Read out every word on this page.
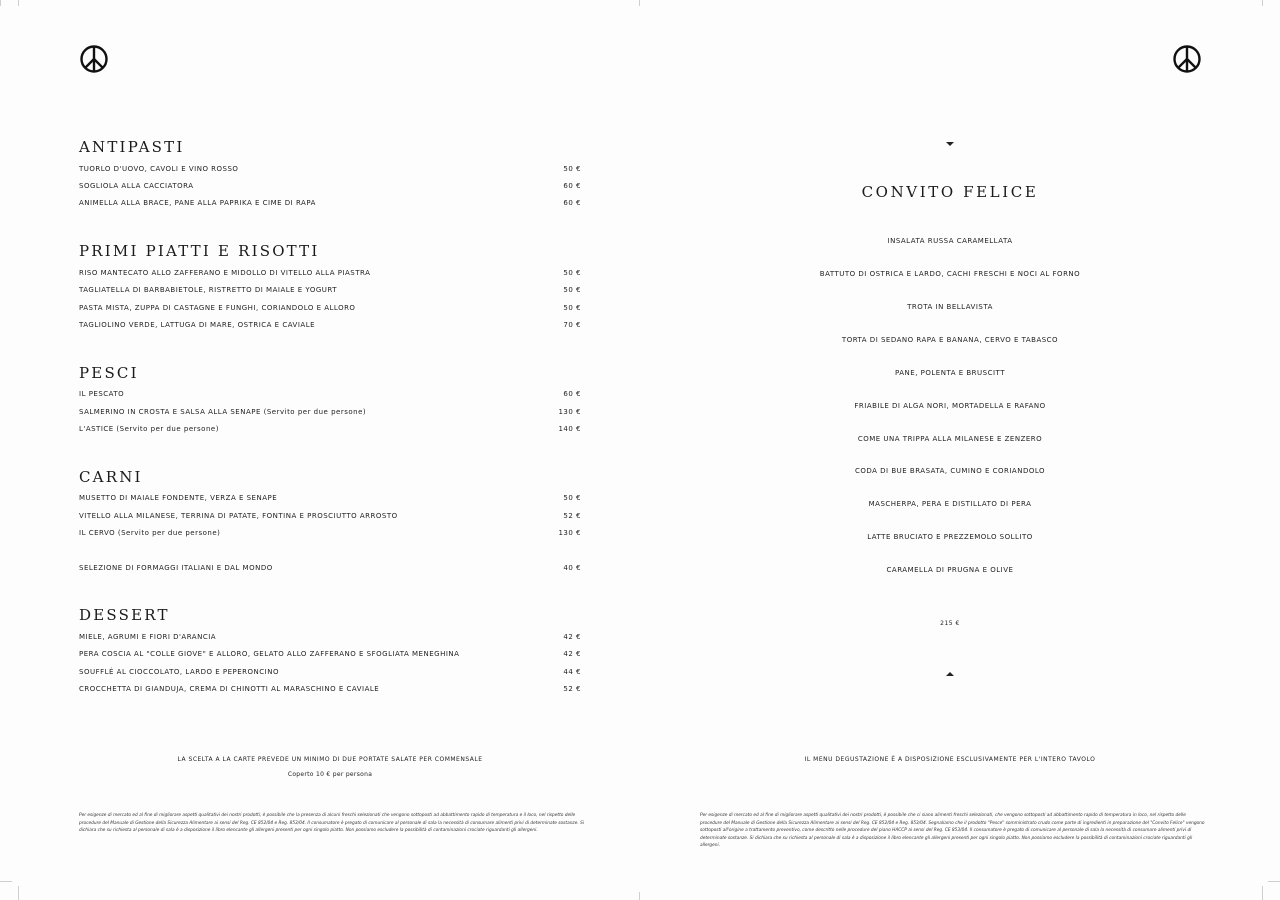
ANTIPASTI
TUORLO D'UOVO, CAVOLI E VINO ROSSO	50 €
SOGLIOLA ALLA CACCIATORA	60 €
ANIMELLA ALLA BRACE, PANE ALLA PAPRIKA E CIME DI RAPA	60 €
PRIMI PIATTI E RISOTTI
RISO MANTECATO ALLO ZAFFERANO E MIDOLLO DI VITELLO ALLA PIASTRA	50 €
TAGLIATELLA DI BARBABIETOLE, RISTRETTO DI MAIALE E YOGURT	50 €
PASTA MISTA, ZUPPA DI CASTAGNE E FUNGHI, CORIANDOLO E ALLORO	50 €
TAGLIOLINO VERDE, LATTUGA DI MARE, OSTRICA E CAVIALE	70 €
PESCI
IL PESCATO	60 €
SALMERINO IN CROSTA E SALSA ALLA SENAPE (Servito per due persone)	130 €
L'ASTICE (Servito per due persone)	140 €
CARNI
MUSETTO DI MAIALE FONDENTE, VERZA E SENAPE	50 €
VITELLO ALLA MILANESE, TERRINA DI PATATE, FONTINA E PROSCIUTTO ARROSTO	52 €
IL CERVO (Servito per due persone)	130 €
SELEZIONE DI FORMAGGI ITALIANI E DAL MONDO	40 €
DESSERT
MIELE, AGRUMI E FIORI D'ARANCIA	42 €
PERA COSCIA AL "COLLE GIOVE" E ALLORO, GELATO ALLO ZAFFERANO E SFOGLIATA MENEGHINA	42 €
SOUFFLÉ AL CIOCCOLATO, LARDO E PEPERONCINO	44 €
CROCCHETTA DI GIANDUJA, CREMA DI CHINOTTI AL MARASCHINO E CAVIALE	52 €
LA SCELTA A LA CARTE PREVEDE UN MINIMO DI DUE PORTATE SALATE PER COMMENSALE
Coperto 10 € per persona
Per esigenze di mercato ed al fine di migliorare aspetti qualitativi dei nostri prodotti, è possibile che la presenza di alcuni freschi selezionati che vengono sottoposti ad abbattimento rapido di temperatura e il loco, nel rispetto delle procedure del Manuale di Gestione della Sicurezza Alimentare ai sensi del Reg. CE 852/04 e Reg. 853/04. Il consumatore è pregato di comunicare al personale di sala la necessità di consumare alimenti privi di determinate sostanze. Si dichiara che su richiesta al personale di sala è a disposizione il libro elencante gli allergeni presenti per ogni singolo piatto. Non possiamo escludere la possibilità di contaminazioni crociate riguardanti gli allergeni.
CONVITO FELICE
INSALATA RUSSA CARAMELLATA
BATTUTO DI OSTRICA E LARDO, CACHI FRESCHI E NOCI AL FORNO
TROTA IN BELLAVISTA
TORTA DI SEDANO RAPA E BANANA, CERVO E TABASCO
PANE, POLENTA E BRUSCITT
FRIABILE DI ALGA NORI, MORTADELLA E RAFANO
COME UNA TRIPPA ALLA MILANESE E ZENZERO
CODA DI BUE BRASATA, CUMINO E CORIANDOLO
MASCHERPA, PERA E DISTILLATO DI PERA
LATTE BRUCIATO E PREZZEMOLO SOLLITO
CARAMELLA DI PRUGNA E OLIVE
215 €
IL MENU DEGUSTAZIONE È A DISPOSIZIONE ESCLUSIVAMENTE PER L'INTERO TAVOLO
Per esigenze di mercato ed al fine di migliorare aspetti qualitativi dei nostri prodotti, è possibile che ci siano alimenti freschi selezionati, che vengono sottoposti ad abbattimento rapido di temperatura in loco, nel rispetto delle procedure del Manuale di Gestione della Sicurezza Alimentare ai sensi del Reg. CE 852/04 e Reg. 853/04. Segnaliamo che il prodotto "Pesce" somministrato crudo come parte di ingredienti in preparazione del "Convito Felice" vengono sottoposti all'origine a trattamento preventivo, come descritto nelle procedure del piano HACCP ai sensi del Reg. CE 853/04. Il consumatore è pregato di comunicare al personale di sala la necessità di consumare alimenti privi di determinate sostanze. Si dichiara che su richiesta al personale di sala è a disposizione il libro elencante gli allergeni presenti per ogni singolo piatto. Non possiamo escludere la possibilità di contaminazioni crociate riguardanti gli allergeni.
